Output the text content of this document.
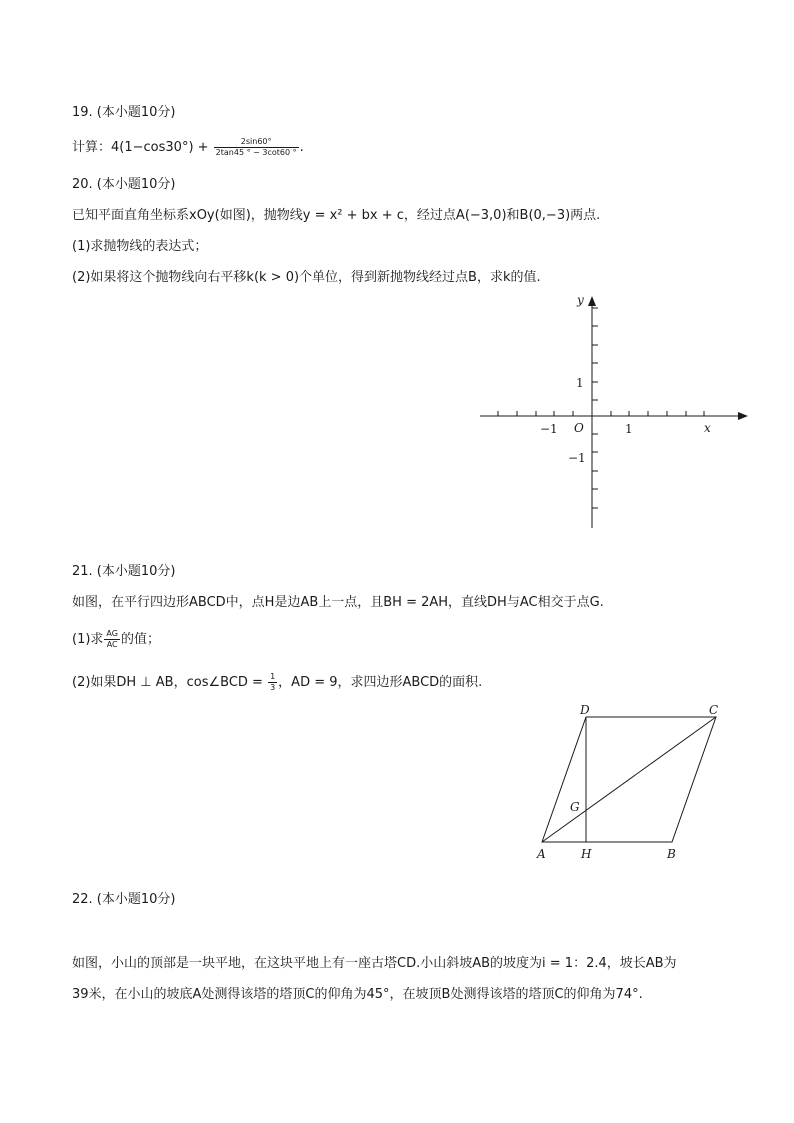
19. (本小题10分)
计算：$4(1-\cos 30^\circ) + \frac{2\sin 60^\circ}{2\tan 45 ^\circ - 3\cot 60 ^\circ}$ .
20. (本小题10分)
已知平面直角坐标系xOy(如图)，抛物线y = x² + bx + c，经过点A(−3,0)和B(0,−3)两点.
(1)求抛物线的表达式；
(2)如果将这个抛物线向右平移k(k > 0)个单位，得到新抛物线经过点B，求k的值.
y
x
O	1
−1
1
−1
21. (本小题10分)
如图，在平行四边形ABCD中，点H是边AB上一点，且BH = 2AH，直线DH与AC相交于点G.
(1)求 $\frac{AG}{AC}$ 的值；
(2)如果DH ⊥ AB，cos∠BCD = $\frac{1}{3}$ ，AD = 9，求四边形ABCD的面积.
D	C
G
A	H	B
22. (本小题10分)
如图，小山的顶部是一块平地，在这块平地上有一座古塔CD.小山斜坡AB的坡度为i = 1：2.4，坡长AB为
39米，在小山的坡底A处测得该塔的塔顶C的仰角为45°，在坡顶B处测得该塔的塔顶C的仰角为74°.
